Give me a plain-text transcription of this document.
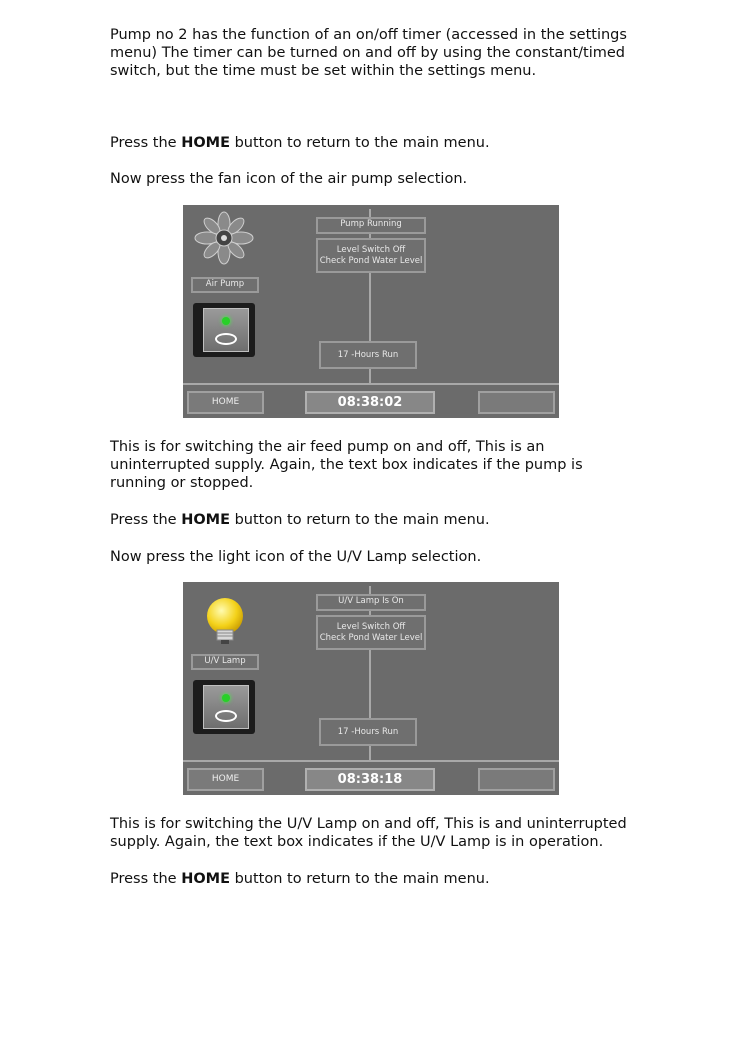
Pump no 2 has the function of an on/off timer (accessed in the settings menu) The timer can be turned on and off by using the constant/timed switch, but the time must be set within the settings menu.

Press the HOME button to return to the main menu.

Now press the fan icon of the air pump selection.

Air Pump
Pump Running
Level Switch Off
Check Pond Water Level
17 -Hours Run
HOME	08:38:02

This is for switching the air feed pump on and off, This is an uninterrupted supply. Again, the text box indicates if the pump is running or stopped.

Press the HOME button to return to the main menu.

Now press the light icon of the U/V Lamp selection.

U/V Lamp
U/V Lamp Is On
Level Switch Off
Check Pond Water Level
17 -Hours Run
HOME	08:38:18

This is for switching the U/V Lamp on and off, This is and uninterrupted supply. Again, the text box indicates if the U/V Lamp is in operation.

Press the HOME button to return to the main menu.
